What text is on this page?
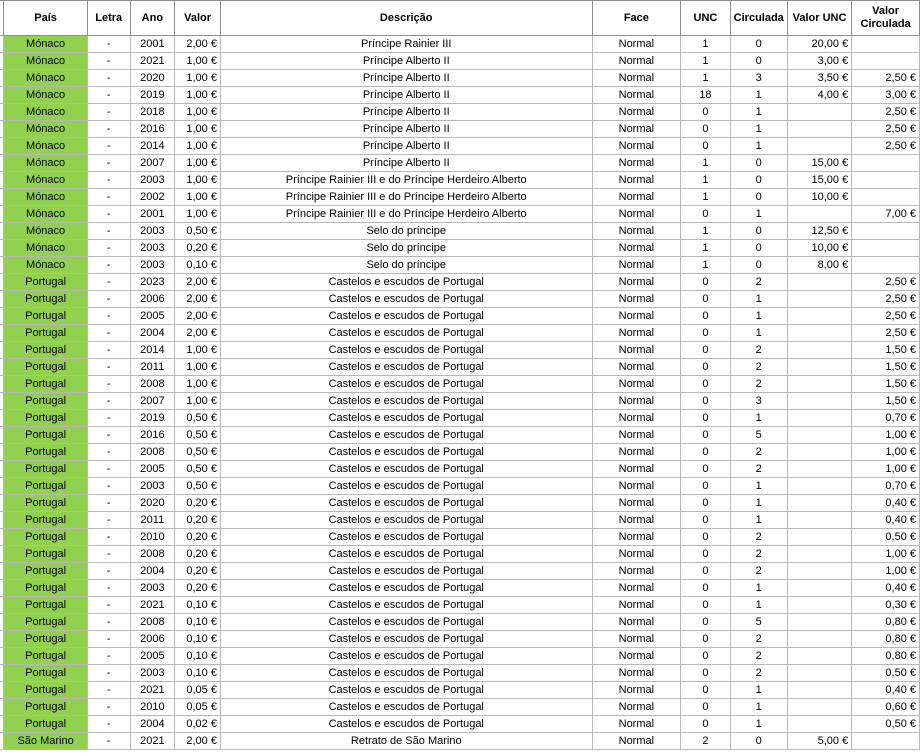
	País	Letra	Ano	Valor	Descrição	Face	UNC	Circulada	Valor UNC	Valor Circulada
	Mónaco	-	2001	2,00 €	Príncipe Rainier III	Normal	1	0	20,00 €	
	Mónaco	-	2021	1,00 €	Príncipe Alberto II	Normal	1	0	3,00 €	
	Mónaco	-	2020	1,00 €	Príncipe Alberto II	Normal	1	3	3,50 €	2,50 €
	Mónaco	-	2019	1,00 €	Príncipe Alberto II	Normal	18	1	4,00 €	3,00 €
	Mónaco	-	2018	1,00 €	Príncipe Alberto II	Normal	0	1		2,50 €
	Mónaco	-	2016	1,00 €	Príncipe Alberto II	Normal	0	1		2,50 €
	Mónaco	-	2014	1,00 €	Príncipe Alberto II	Normal	0	1		2,50 €
	Mónaco	-	2007	1,00 €	Príncipe Alberto II	Normal	1	0	15,00 €	
	Mónaco	-	2003	1,00 €	Príncipe Rainier III e do Príncipe Herdeiro Alberto	Normal	1	0	15,00 €	
	Mónaco	-	2002	1,00 €	Príncipe Rainier III e do Príncipe Herdeiro Alberto	Normal	1	0	10,00 €	
	Mónaco	-	2001	1,00 €	Príncipe Rainier III e do Príncipe Herdeiro Alberto	Normal	0	1		7,00 €
	Mónaco	-	2003	0,50 €	Selo do príncipe	Normal	1	0	12,50 €	
	Mónaco	-	2003	0,20 €	Selo do príncipe	Normal	1	0	10,00 €	
	Mónaco	-	2003	0,10 €	Selo do príncipe	Normal	1	0	8,00 €	
	Portugal	-	2023	2,00 €	Castelos e escudos de Portugal	Normal	0	2		2,50 €
	Portugal	-	2006	2,00 €	Castelos e escudos de Portugal	Normal	0	1		2,50 €
	Portugal	-	2005	2,00 €	Castelos e escudos de Portugal	Normal	0	1		2,50 €
	Portugal	-	2004	2,00 €	Castelos e escudos de Portugal	Normal	0	1		2,50 €
	Portugal	-	2014	1,00 €	Castelos e escudos de Portugal	Normal	0	2		1,50 €
	Portugal	-	2011	1,00 €	Castelos e escudos de Portugal	Normal	0	2		1,50 €
	Portugal	-	2008	1,00 €	Castelos e escudos de Portugal	Normal	0	2		1,50 €
	Portugal	-	2007	1,00 €	Castelos e escudos de Portugal	Normal	0	3		1,50 €
	Portugal	-	2019	0,50 €	Castelos e escudos de Portugal	Normal	0	1		0,70 €
	Portugal	-	2016	0,50 €	Castelos e escudos de Portugal	Normal	0	5		1,00 €
	Portugal	-	2008	0,50 €	Castelos e escudos de Portugal	Normal	0	2		1,00 €
	Portugal	-	2005	0,50 €	Castelos e escudos de Portugal	Normal	0	2		1,00 €
	Portugal	-	2003	0,50 €	Castelos e escudos de Portugal	Normal	0	1		0,70 €
	Portugal	-	2020	0,20 €	Castelos e escudos de Portugal	Normal	0	1		0,40 €
	Portugal	-	2011	0,20 €	Castelos e escudos de Portugal	Normal	0	1		0,40 €
	Portugal	-	2010	0,20 €	Castelos e escudos de Portugal	Normal	0	2		0,50 €
	Portugal	-	2008	0,20 €	Castelos e escudos de Portugal	Normal	0	2		1,00 €
	Portugal	-	2004	0,20 €	Castelos e escudos de Portugal	Normal	0	2		1,00 €
	Portugal	-	2003	0,20 €	Castelos e escudos de Portugal	Normal	0	1		0,40 €
	Portugal	-	2021	0,10 €	Castelos e escudos de Portugal	Normal	0	1		0,30 €
	Portugal	-	2008	0,10 €	Castelos e escudos de Portugal	Normal	0	5		0,80 €
	Portugal	-	2006	0,10 €	Castelos e escudos de Portugal	Normal	0	2		0,80 €
	Portugal	-	2005	0,10 €	Castelos e escudos de Portugal	Normal	0	2		0,80 €
	Portugal	-	2003	0,10 €	Castelos e escudos de Portugal	Normal	0	2		0,50 €
	Portugal	-	2021	0,05 €	Castelos e escudos de Portugal	Normal	0	1		0,40 €
	Portugal	-	2010	0,05 €	Castelos e escudos de Portugal	Normal	0	1		0,60 €
	Portugal	-	2004	0,02 €	Castelos e escudos de Portugal	Normal	0	1		0,50 €
	São Marino	-	2021	2,00 €	Retrato de São Marino	Normal	2	0	5,00 €	
